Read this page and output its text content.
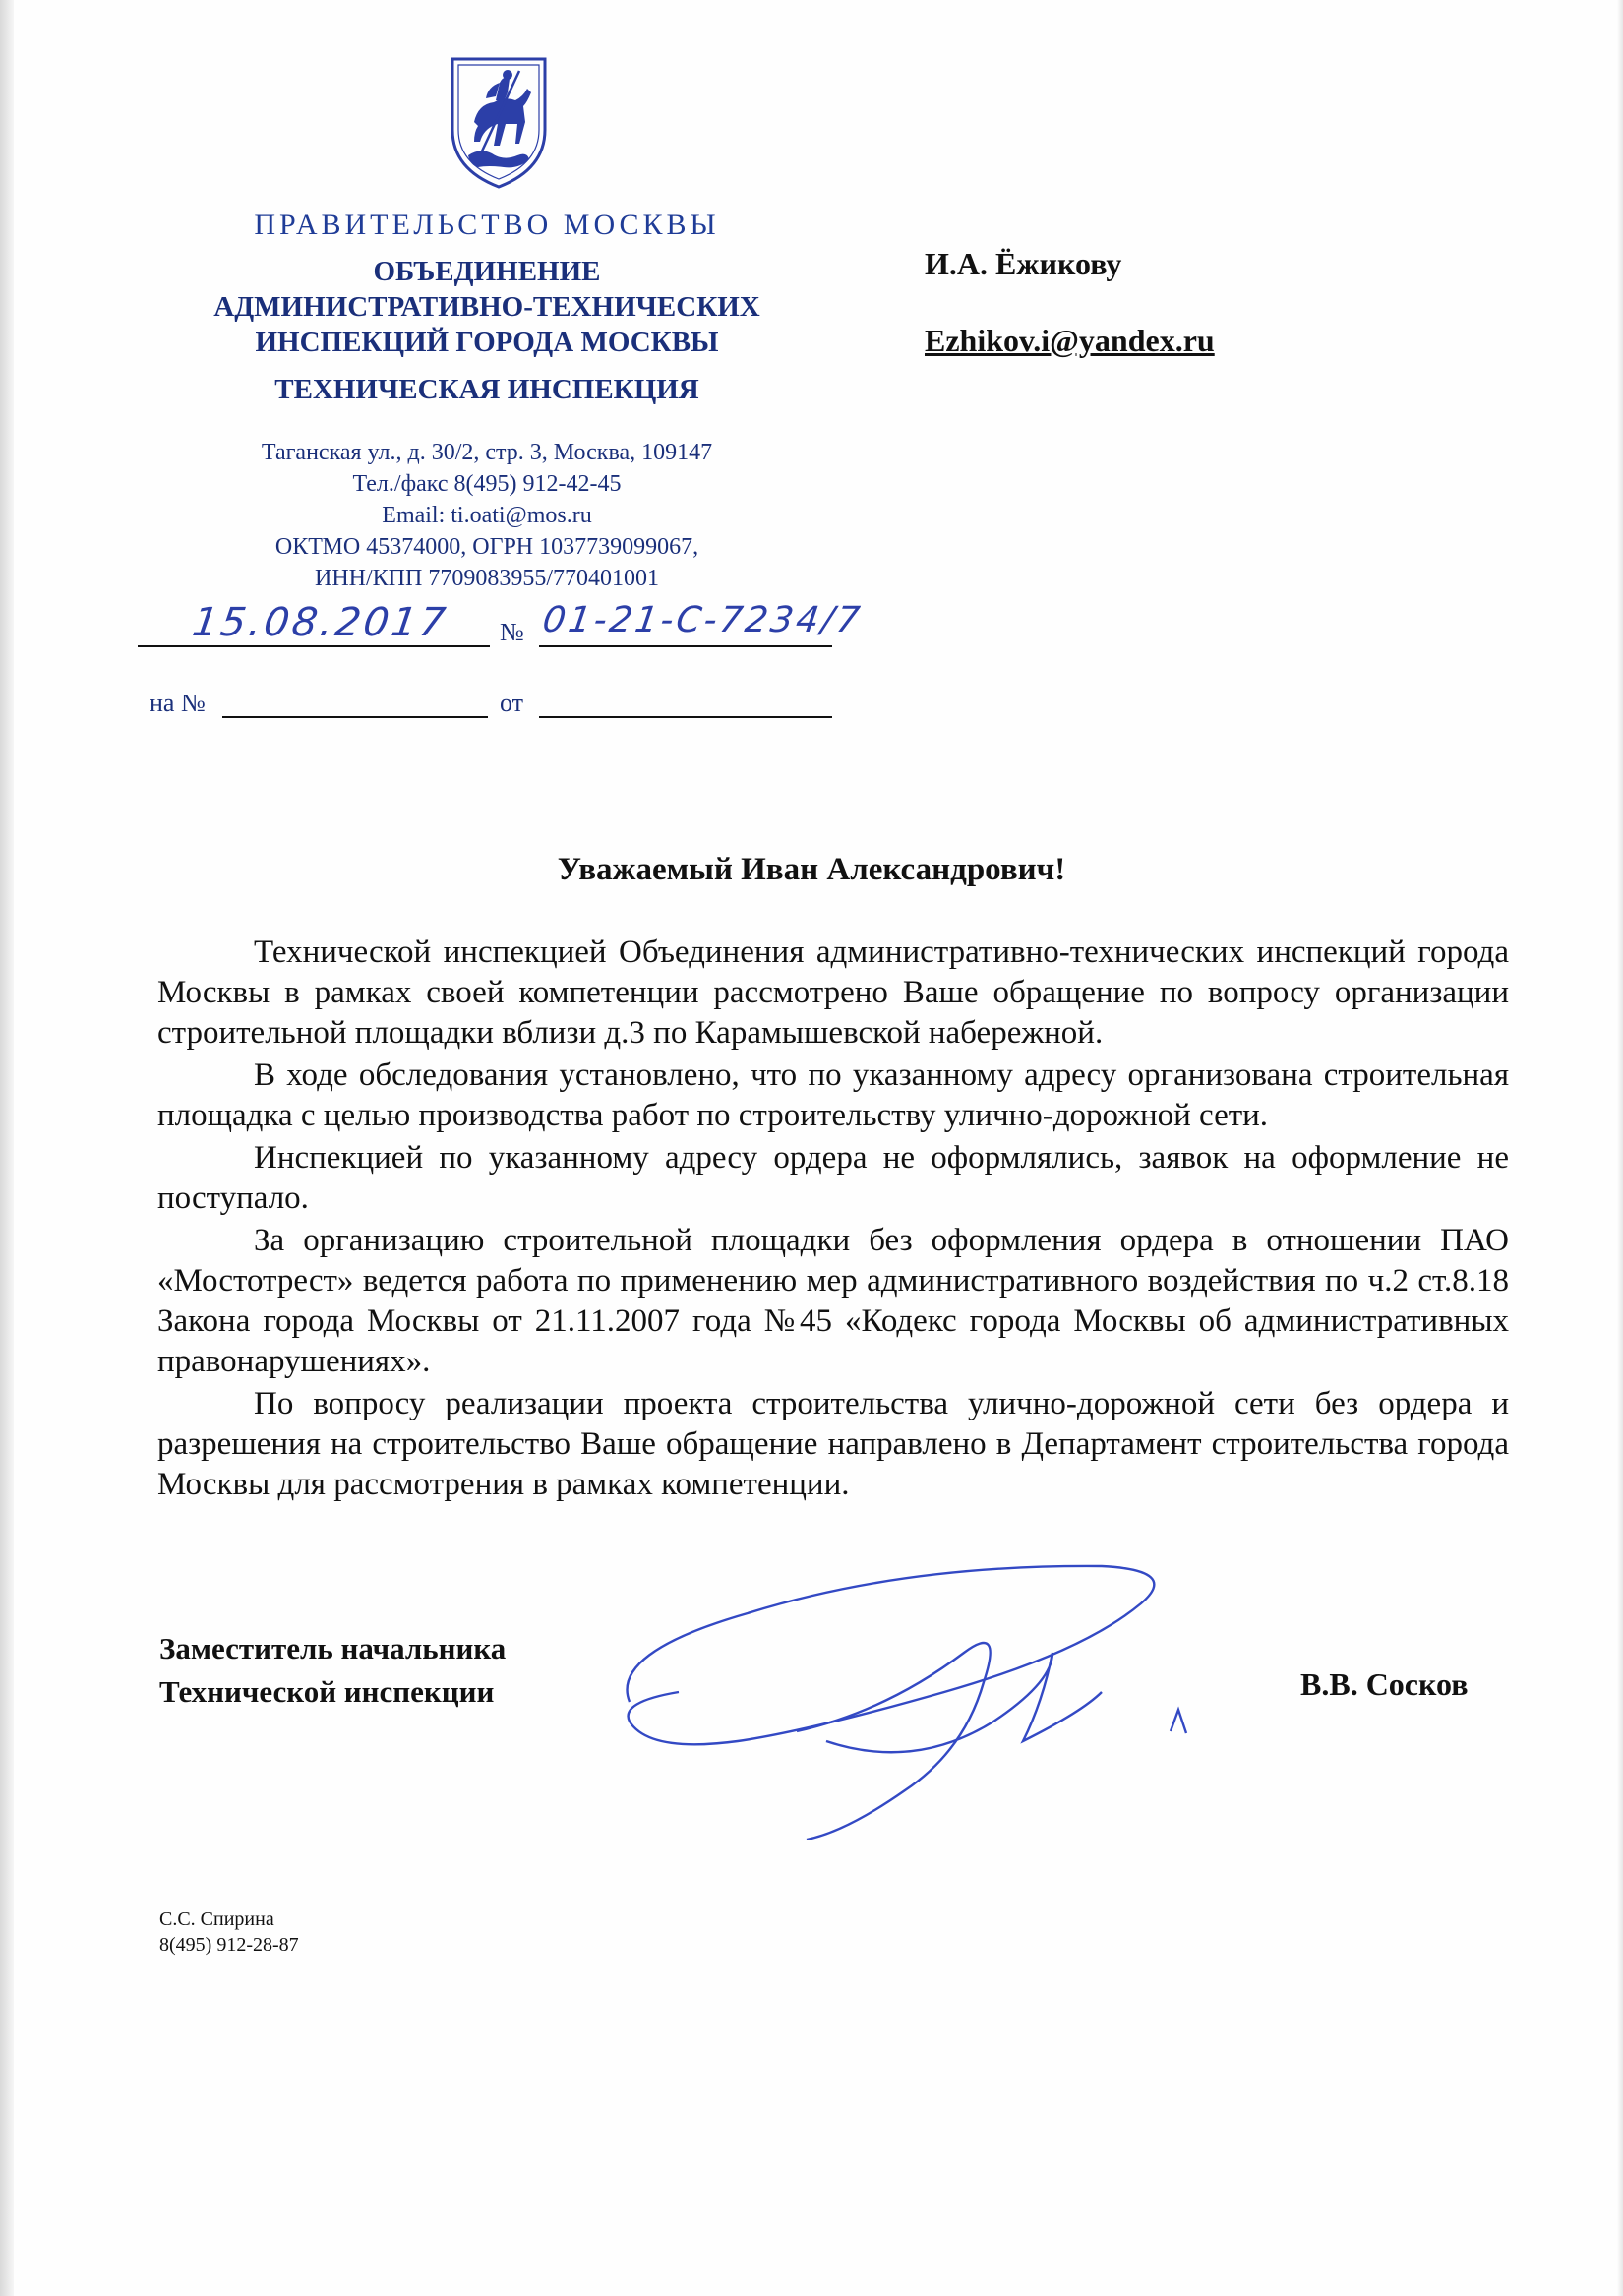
ПРАВИТЕЛЬСТВО МОСКВЫ
ОБЪЕДИНЕНИЕ
АДМИНИСТРАТИВНО-ТЕХНИЧЕСКИХ
ИНСПЕКЦИЙ ГОРОДА МОСКВЫ
ТЕХНИЧЕСКАЯ ИНСПЕКЦИЯ
Таганская ул., д. 30/2, стр. 3, Москва, 109147
Тел./факс 8(495) 912-42-45
Email: ti.oati@mos.ru
ОКТМО 45374000, ОГРН 1037739099067,
ИНН/КПП 7709083955/770401001
И.А. Ёжикову
Ezhikov.i@yandex.ru
15.08.2017 № 01-21-С-7234/7
на №	от
Уважаемый Иван Александрович!

Технической инспекцией Объединения административно-технических инспекций города Москвы в рамках своей компетенции рассмотрено Ваше обращение по вопросу организации строительной площадки вблизи д.3 по Карамышевской набережной.

В ходе обследования установлено, что по указанному адресу организована строительная площадка с целью производства работ по строительству улично-дорожной сети.

Инспекцией по указанному адресу ордера не оформлялись, заявок на оформление не поступало.

За организацию строительной площадки без оформления ордера в отношении ПАО «Мостотрест» ведется работа по применению мер административного воздействия по ч.2 ст.8.18 Закона города Москвы от 21.11.2007 года №45 «Кодекс города Москвы об административных правонарушениях».

По вопросу реализации проекта строительства улично-дорожной сети без ордера и разрешения на строительство Ваше обращение направлено в Департамент строительства города Москвы для рассмотрения в рамках компетенции.

Заместитель начальника
Технической инспекции	В.В. Сосков
С.С. Спирина
8(495) 912-28-87
